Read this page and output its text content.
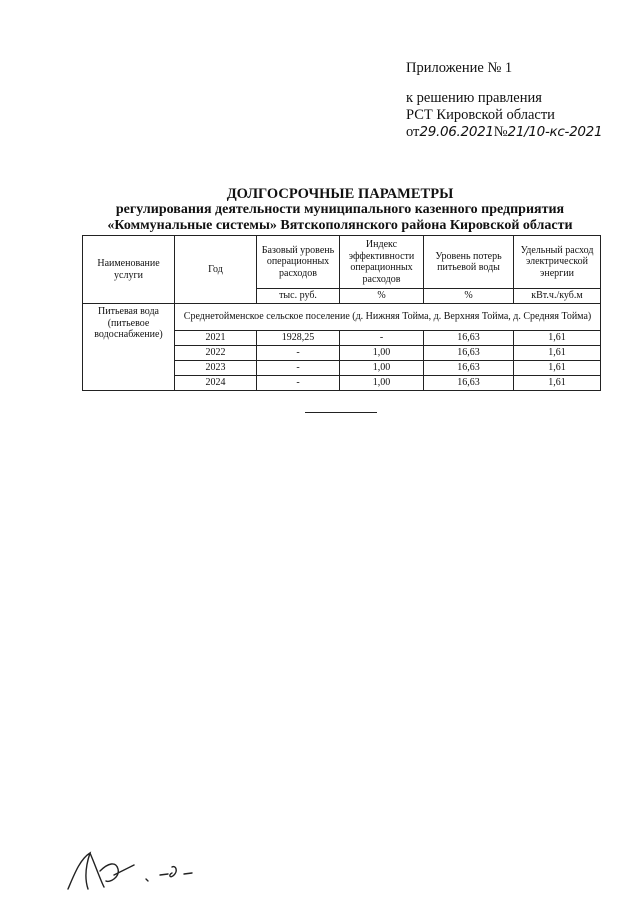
Приложение № 1
к решению правления
РСТ Кировской области
от29.06.2021№21/10-кс-2021
ДОЛГОСРОЧНЫЕ ПАРАМЕТРЫ
регулирования деятельности муниципального казенного предприятия
«Коммунальные системы» Вятскополянского района Кировской области
Наименование услуги	Год	Базовый уровень операционных расходов	Индекс эффективности операционных расходов	Уровень потерь питьевой воды	Удельный расход электрической энергии
		тыс. руб.	%	%	кВт.ч./куб.м
Питьевая вода (питьевое водоснабжение)	Среднетойменское сельское поселение (д. Нижняя Тойма, д. Верхняя Тойма, д. Средняя Тойма)				
	2021	1928,25	-	16,63	1,61
	2022	-	1,00	16,63	1,61
	2023	-	1,00	16,63	1,61
	2024	-	1,00	16,63	1,61
